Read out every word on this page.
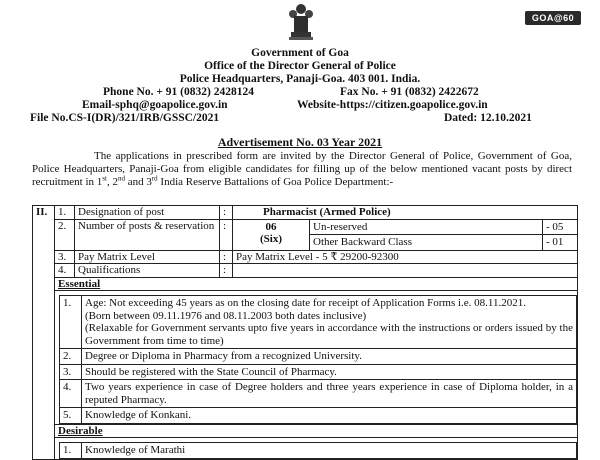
GOA@60
Government of Goa
Office of the Director General of Police
Police Headquarters, Panaji-Goa. 403 001. India.
Phone No. + 91 (0832) 2428124	Fax No. + 91 (0832) 2422672
Email-sphq@goapolice.gov.in	Website-https://citizen.goapolice.gov.in
File No.CS-I(DR)/321/IRB/GSSC/2021	Dated: 12.10.2021
Advertisement No. 03 Year 2021

The applications in prescribed form are invited by the Director General of Police, Government of Goa, Police Headquarters, Panaji-Goa from eligible candidates for filling up of the below mentioned vacant posts by direct recruitment in 1st, 2nd and 3rd India Reserve Battalions of Goa Police Department:-

II.	1.	Designation of post	:	Pharmacist (Armed Police)
2.	Number of posts & reservation	:		06
(Six)
	Un-reserved	- 05
Other Backward Class	- 01

3.	Pay Matrix Level	:	Pay Matrix Level - 5 ₹ 29200-92300
4.	Qualifications	:	
Essential

1.	Age: Not exceeding 45 years as on the closing date for receipt of Application Forms i.e. 08.11.2021.
(Born between 09.11.1976 and 08.11.2003 both dates inclusive)
(Relaxable for Government servants upto five years in accordance with the instructions or orders issued by the Government from time to time)
2.	Degree or Diploma in Pharmacy from a recognized University.
3.	Should be registered with the State Council of Pharmacy.
4.	Two years experience in case of Degree holders and three years experience in case of Diploma holder, in a reputed Pharmacy.
5.	Knowledge of Konkani.

Desirable
1.	Knowledge of Marathi
